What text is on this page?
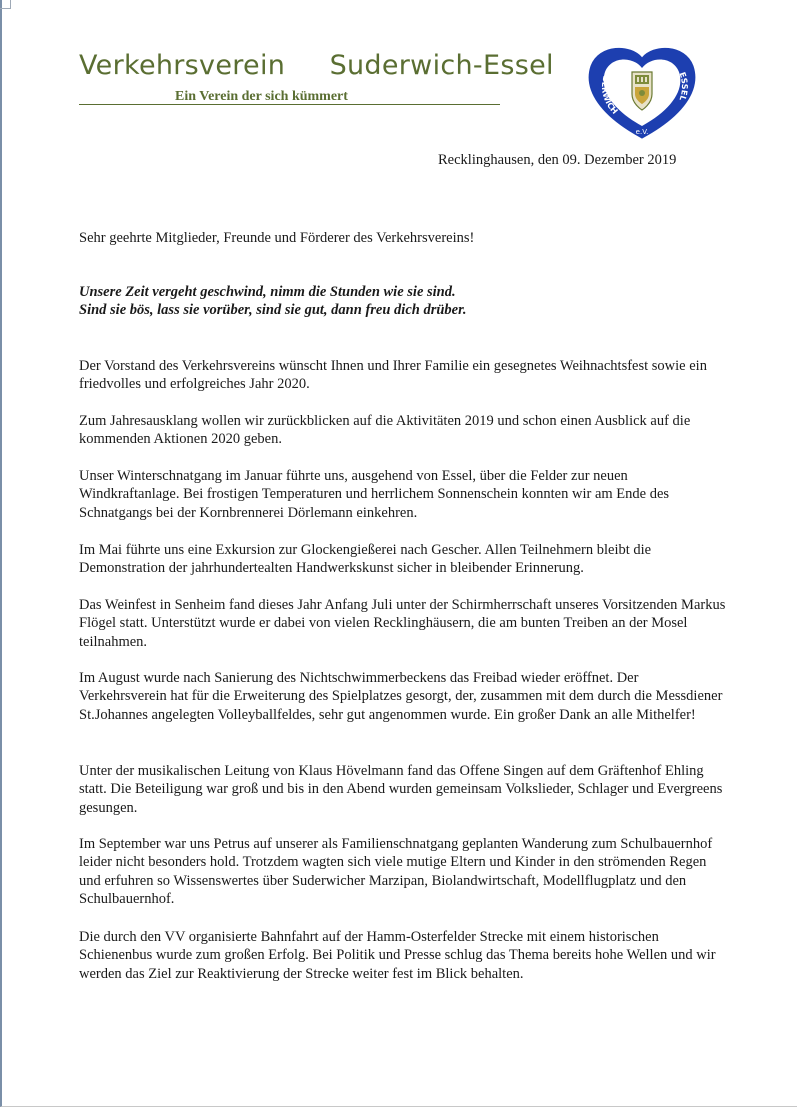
Verkehrsverein     Suderwich-Essel
Ein Verein der sich kümmert
SUDERWICH
ESSEL
e.V.
Recklinghausen, den 09. Dezember 2019

Sehr geehrte Mitglieder, Freunde und Förderer des Verkehrsvereins!

Unsere Zeit vergeht geschwind, nimm die Stunden wie sie sind.
Sind sie bös, lass sie vorüber, sind sie gut, dann freu dich drüber.

Der Vorstand des Verkehrsvereins wünscht Ihnen und Ihrer Familie ein gesegnetes Weihnachtsfest sowie ein friedvolles und erfolgreiches Jahr 2020.

Zum Jahresausklang wollen wir zurückblicken auf die Aktivitäten 2019 und schon einen Ausblick auf die kommenden Aktionen 2020 geben.

Unser Winterschnatgang im Januar führte uns, ausgehend von Essel, über die Felder zur neuen Windkraftanlage. Bei frostigen Temperaturen und herrlichem Sonnenschein konnten wir am Ende des Schnatgangs bei der Kornbrennerei Dörlemann einkehren.

Im Mai führte uns eine Exkursion zur Glockengießerei nach Gescher. Allen Teilnehmern bleibt die Demonstration der jahrhundertealten Handwerkskunst sicher in bleibender Erinnerung.

Das Weinfest in Senheim fand dieses Jahr Anfang Juli unter der Schirmherrschaft unseres Vorsitzenden Markus Flögel statt. Unterstützt wurde er dabei von vielen Recklinghäusern, die am bunten Treiben an der Mosel teilnahmen.

Im August wurde nach Sanierung des Nichtschwimmerbeckens das Freibad wieder eröffnet. Der Verkehrsverein hat für die Erweiterung des Spielplatzes gesorgt, der, zusammen mit dem durch die Messdiener St.Johannes angelegten Volleyballfeldes, sehr gut angenommen wurde. Ein großer Dank an alle Mithelfer!

Unter der musikalischen Leitung von Klaus Hövelmann fand das Offene Singen auf dem Gräftenhof Ehling statt. Die Beteiligung war groß und bis in den Abend wurden gemeinsam Volkslieder, Schlager und Evergreens gesungen.

Im September war uns Petrus auf unserer als Familienschnatgang geplanten Wanderung zum Schulbauernhof leider nicht besonders hold. Trotzdem wagten sich viele mutige Eltern und Kinder in den strömenden Regen und erfuhren so Wissenswertes über Suderwicher Marzipan, Biolandwirtschaft, Modellflugplatz und den Schulbauernhof.

Die durch den VV organisierte Bahnfahrt auf der Hamm-Osterfelder Strecke mit einem historischen Schienenbus wurde zum großen Erfolg. Bei Politik und Presse schlug das Thema bereits hohe Wellen und wir werden das Ziel zur Reaktivierung der Strecke weiter fest im Blick behalten.
